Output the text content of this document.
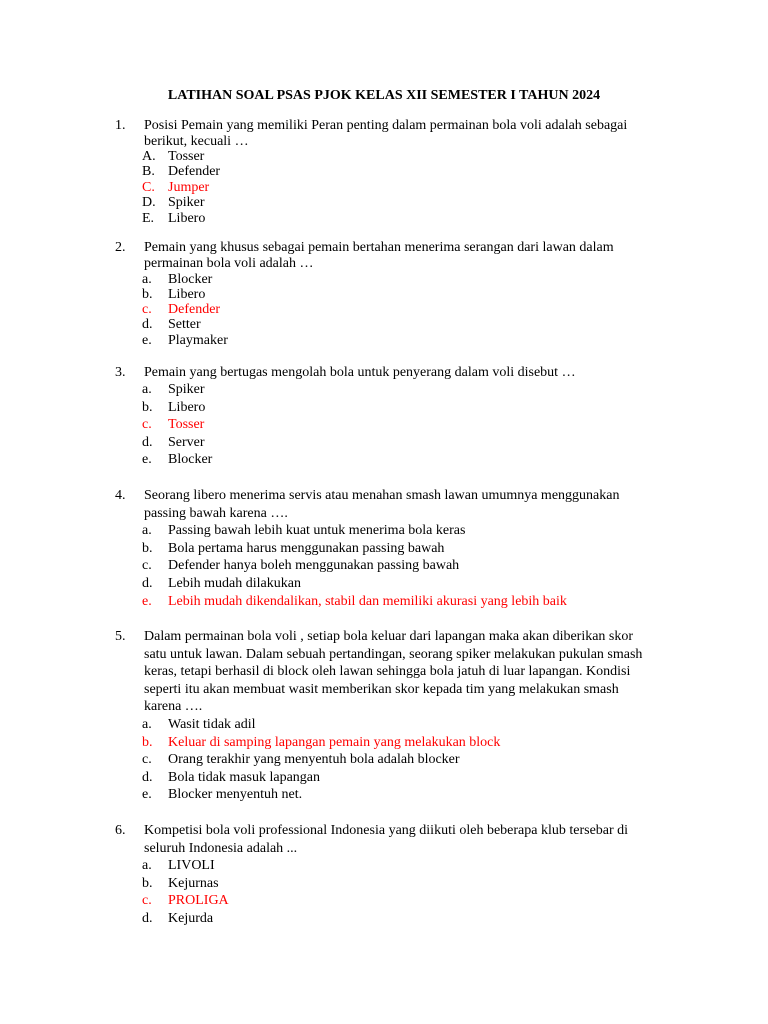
LATIHAN SOAL PSAS PJOK KELAS XII SEMESTER I TAHUN 2024
1. Posisi Pemain yang memiliki Peran penting dalam permainan bola voli adalah sebagai berikut, kecuali …
A. Tosser
B. Defender
C. Jumper
D. Spiker
E. Libero
2. Pemain yang khusus sebagai pemain bertahan menerima serangan dari lawan dalam permainan bola voli adalah …
a. Blocker
b. Libero
c. Defender
d. Setter
e. Playmaker
3. Pemain yang bertugas mengolah bola untuk penyerang dalam voli disebut …
a. Spiker
b. Libero
c. Tosser
d. Server
e. Blocker
4. Seorang libero menerima servis atau menahan smash lawan umumnya menggunakan passing bawah karena ….
a. Passing bawah lebih kuat untuk menerima bola keras
b. Bola pertama harus menggunakan passing bawah
c. Defender hanya boleh menggunakan passing bawah
d. Lebih mudah dilakukan
e. Lebih mudah dikendalikan, stabil dan memiliki akurasi yang lebih baik
5. Dalam permainan bola voli , setiap bola keluar dari lapangan maka akan diberikan skor satu untuk lawan. Dalam sebuah pertandingan, seorang spiker melakukan pukulan smash keras, tetapi berhasil di block oleh lawan sehingga bola jatuh di luar lapangan. Kondisi seperti itu akan membuat wasit memberikan skor kepada tim yang melakukan smash karena ….
a. Wasit tidak adil
b. Keluar di samping lapangan pemain yang melakukan block
c. Orang terakhir yang menyentuh bola adalah blocker
d. Bola tidak masuk lapangan
e. Blocker menyentuh net.
6. Kompetisi bola voli professional Indonesia yang diikuti oleh beberapa klub tersebar di seluruh Indonesia adalah ...
a. LIVOLI
b. Kejurnas
c. PROLIGA
d. Kejurda
